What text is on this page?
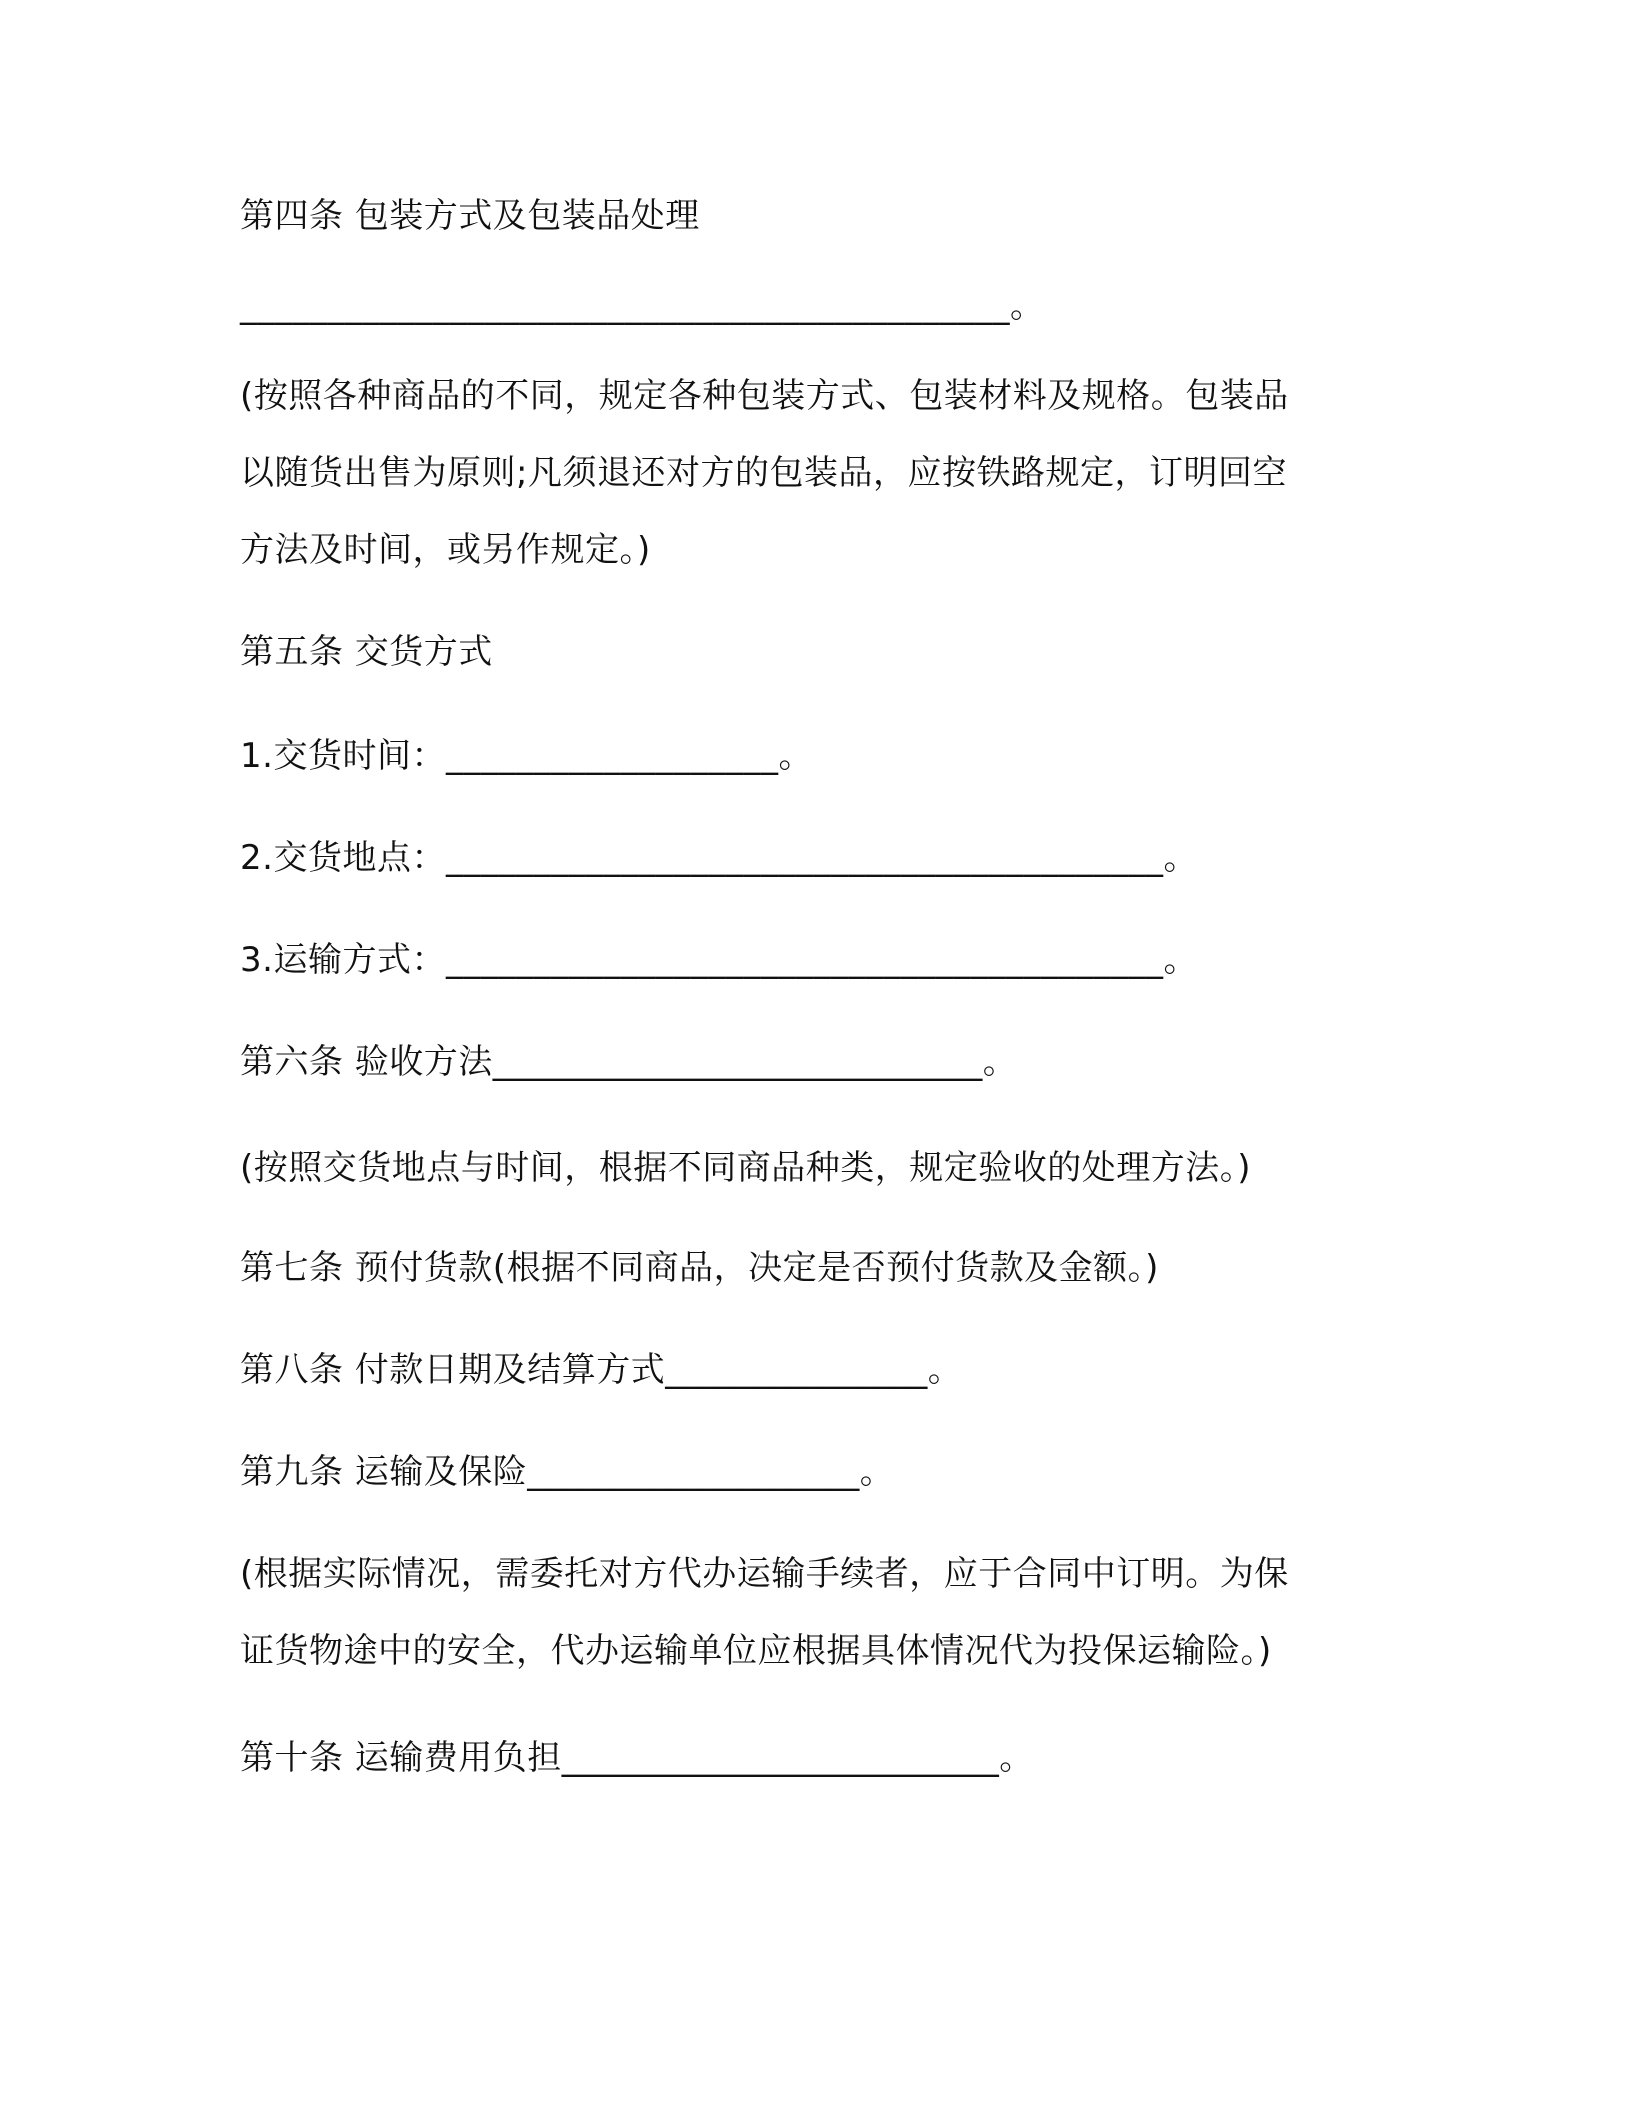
第四条 包装方式及包装品处理
____________________________________________。
(按照各种商品的不同，规定各种包装方式、包装材料及规格。包装品
以随货出售为原则;凡须退还对方的包装品，应按铁路规定，订明回空
方法及时间，或另作规定。)
第五条 交货方式
1.交货时间：___________________。
2.交货地点：_________________________________________。
3.运输方式：_________________________________________。
第六条 验收方法____________________________。
(按照交货地点与时间，根据不同商品种类，规定验收的处理方法。)
第七条 预付货款(根据不同商品，决定是否预付货款及金额。)
第八条 付款日期及结算方式_______________。
第九条 运输及保险___________________。
(根据实际情况，需委托对方代办运输手续者，应于合同中订明。为保
证货物途中的安全，代办运输单位应根据具体情况代为投保运输险。)
第十条 运输费用负担_________________________。
